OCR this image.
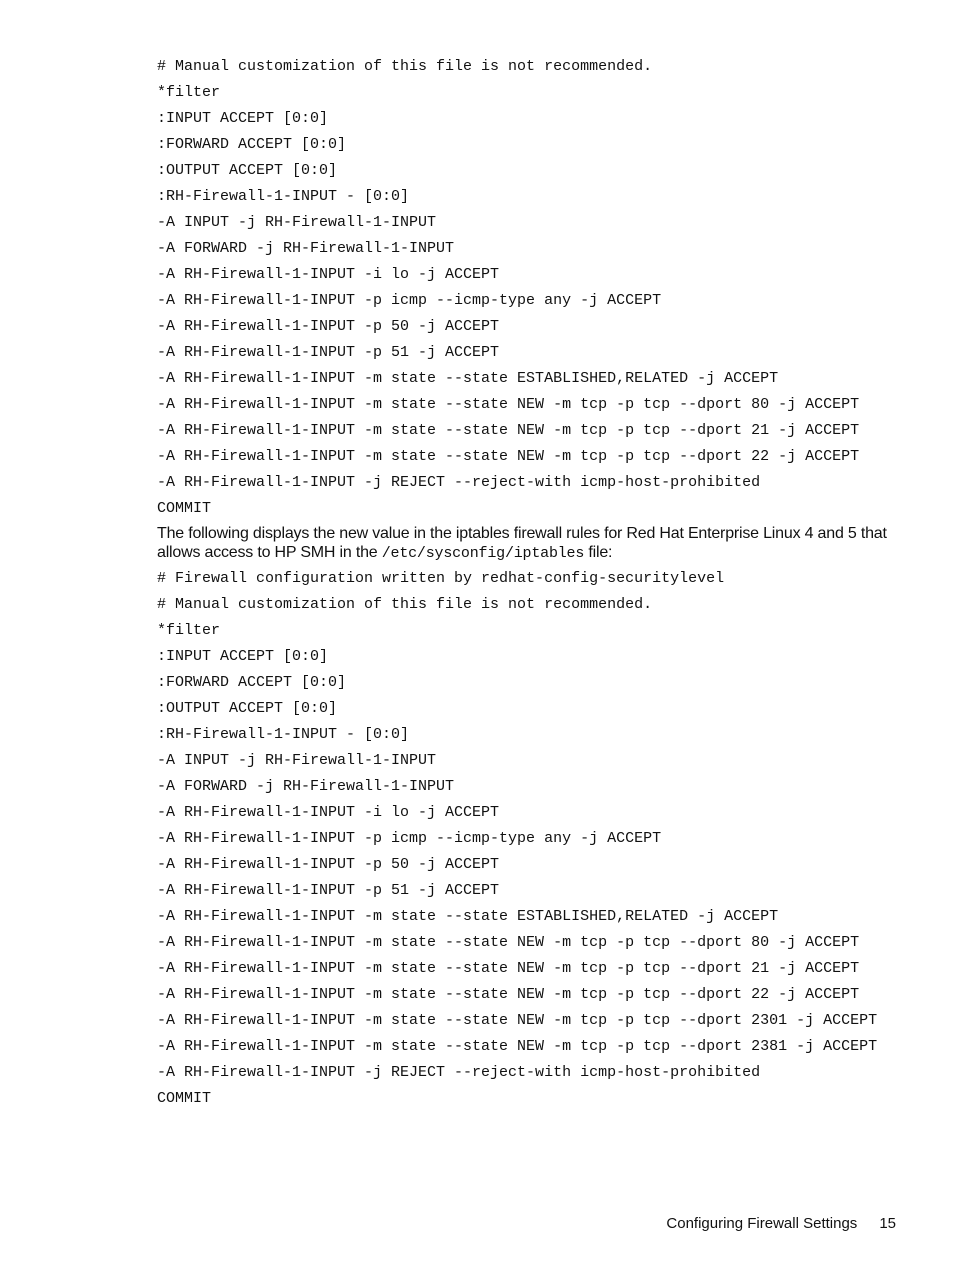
# Manual customization of this file is not recommended.
*filter
:INPUT ACCEPT [0:0]
:FORWARD ACCEPT [0:0]
:OUTPUT ACCEPT [0:0]
:RH-Firewall-1-INPUT - [0:0]
-A INPUT -j RH-Firewall-1-INPUT
-A FORWARD -j RH-Firewall-1-INPUT
-A RH-Firewall-1-INPUT -i lo -j ACCEPT
-A RH-Firewall-1-INPUT -p icmp --icmp-type any -j ACCEPT
-A RH-Firewall-1-INPUT -p 50 -j ACCEPT
-A RH-Firewall-1-INPUT -p 51 -j ACCEPT
-A RH-Firewall-1-INPUT -m state --state ESTABLISHED,RELATED -j ACCEPT
-A RH-Firewall-1-INPUT -m state --state NEW -m tcp -p tcp --dport 80 -j ACCEPT
-A RH-Firewall-1-INPUT -m state --state NEW -m tcp -p tcp --dport 21 -j ACCEPT
-A RH-Firewall-1-INPUT -m state --state NEW -m tcp -p tcp --dport 22 -j ACCEPT
-A RH-Firewall-1-INPUT -j REJECT --reject-with icmp-host-prohibited
COMMIT

The following displays the new value in the iptables firewall rules for Red Hat Enterprise Linux 4 and 5 that allows access to HP SMH in the /etc/sysconfig/iptables file:

# Firewall configuration written by redhat-config-securitylevel
# Manual customization of this file is not recommended.
*filter
:INPUT ACCEPT [0:0]
:FORWARD ACCEPT [0:0]
:OUTPUT ACCEPT [0:0]
:RH-Firewall-1-INPUT - [0:0]
-A INPUT -j RH-Firewall-1-INPUT
-A FORWARD -j RH-Firewall-1-INPUT
-A RH-Firewall-1-INPUT -i lo -j ACCEPT
-A RH-Firewall-1-INPUT -p icmp --icmp-type any -j ACCEPT
-A RH-Firewall-1-INPUT -p 50 -j ACCEPT
-A RH-Firewall-1-INPUT -p 51 -j ACCEPT
-A RH-Firewall-1-INPUT -m state --state ESTABLISHED,RELATED -j ACCEPT
-A RH-Firewall-1-INPUT -m state --state NEW -m tcp -p tcp --dport 80 -j ACCEPT
-A RH-Firewall-1-INPUT -m state --state NEW -m tcp -p tcp --dport 21 -j ACCEPT
-A RH-Firewall-1-INPUT -m state --state NEW -m tcp -p tcp --dport 22 -j ACCEPT
-A RH-Firewall-1-INPUT -m state --state NEW -m tcp -p tcp --dport 2301 -j ACCEPT
-A RH-Firewall-1-INPUT -m state --state NEW -m tcp -p tcp --dport 2381 -j ACCEPT
-A RH-Firewall-1-INPUT -j REJECT --reject-with icmp-host-prohibited
COMMIT
Configuring Firewall Settings 15
